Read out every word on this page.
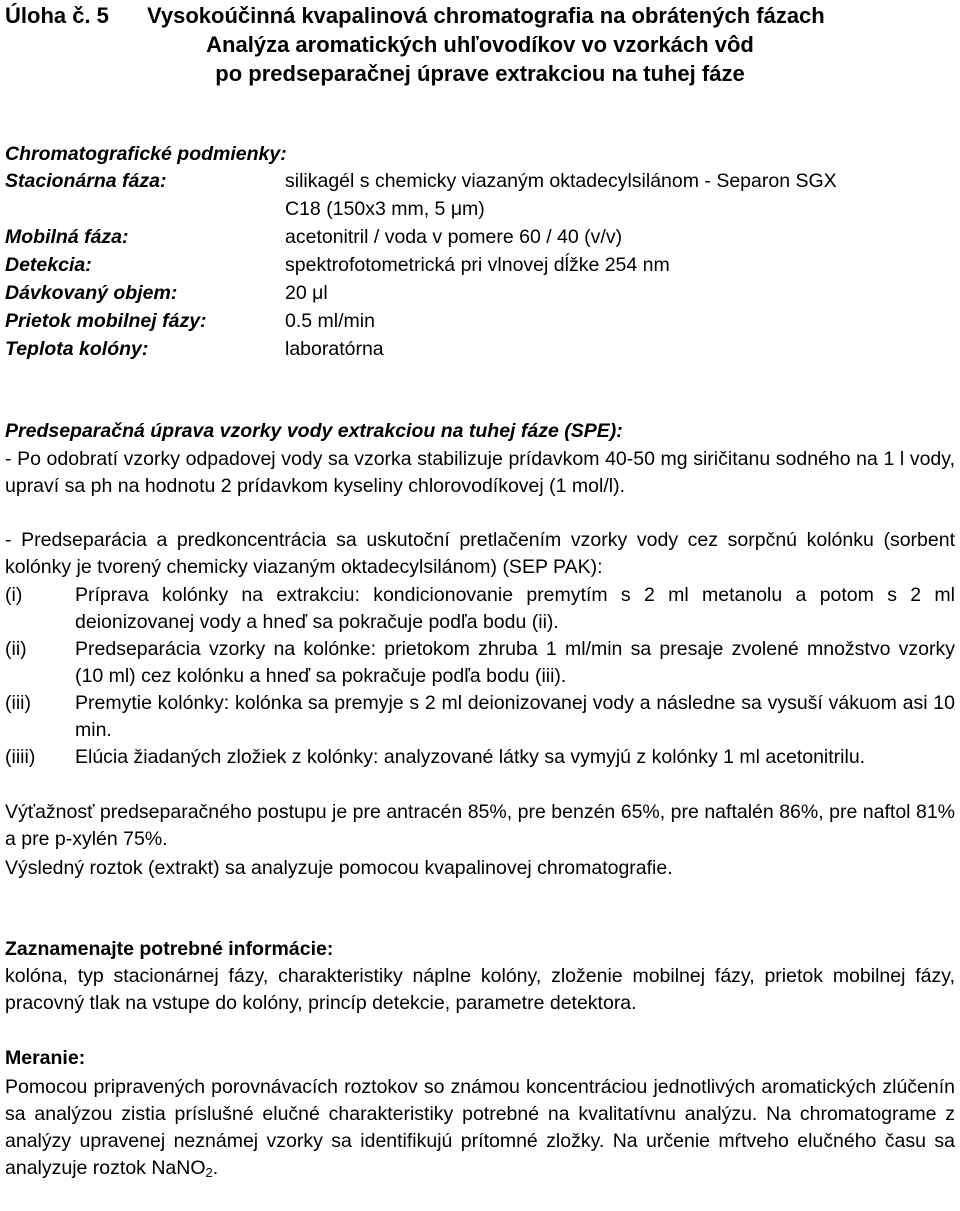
Úloha č. 5 Vysokoúčinná kvapalinová chromatografia na obrátených fázach
Analýza aromatických uhľovodíkov vo vzorkách vôd
po predseparačnej úprave extrakciou na tuhej fáze
Chromatografické podmienky:
Stacionárna fáza:	silikagél s chemicky viazaným oktadecylsilánom - Separon SGX
C18 (150x3 mm, 5 μm)
Mobilná fáza:	acetonitril / voda v pomere 60 / 40 (v/v)
Detekcia:	spektrofotometrická pri vlnovej dĺžke 254 nm
Dávkovaný objem:	20 μl
Prietok mobilnej fázy:	0.5 ml/min
Teplota kolóny:	laboratórna
Predseparačná úprava vzorky vody extrakciou na tuhej fáze (SPE):
- Po odobratí vzorky odpadovej vody sa vzorka stabilizuje prídavkom 40-50 mg siričitanu sodného na 1 l vody, upraví sa ph na hodnotu 2 prídavkom kyseliny chlorovodíkovej (1 mol/l).
- Predseparácia a predkoncentrácia sa uskutoční pretlačením vzorky vody cez sorpčnú kolónku (sorbent kolónky je tvorený chemicky viazaným oktadecylsilánom) (SEP PAK):
(i)	Príprava kolónky na extrakciu: kondicionovanie premytím s 2 ml metanolu a potom s 2 ml deionizovanej vody a hneď sa pokračuje podľa bodu (ii).
(ii) Predseparácia vzorky na kolónke: prietokom zhruba 1 ml/min sa presaje zvolené množstvo vzorky (10 ml) cez kolónku a hneď sa pokračuje podľa bodu (iii).
(iii) Premytie kolónky: kolónka sa premyje s 2 ml deionizovanej vody a následne sa vysuší vákuom asi 10 min.
(iiii) Elúcia žiadaných zložiek z kolónky: analyzované látky sa vymyjú z kolónky 1 ml acetonitrilu.
Výťažnosť predseparačného postupu je pre antracén 85%, pre benzén 65%, pre naftalén 86%, pre naftol 81% a pre p-xylén 75%.
Výsledný roztok (extrakt) sa analyzuje pomocou kvapalinovej chromatografie.
Zaznamenajte potrebné informácie:
kolóna, typ stacionárnej fázy, charakteristiky náplne kolóny, zloženie mobilnej fázy, prietok mobilnej fázy, pracovný tlak na vstupe do kolóny, princíp detekcie, parametre detektora.
Meranie:
Pomocou pripravených porovnávacích roztokov so známou koncentráciou jednotlivých aromatických zlúčenín sa analýzou zistia príslušné elučné charakteristiky potrebné na kvalitatívnu analýzu. Na chromatograme z analýzy upravenej neznámej vzorky sa identifikujú prítomné zložky. Na určenie mŕtveho elučného času sa analyzuje roztok NaNO$_2$.
